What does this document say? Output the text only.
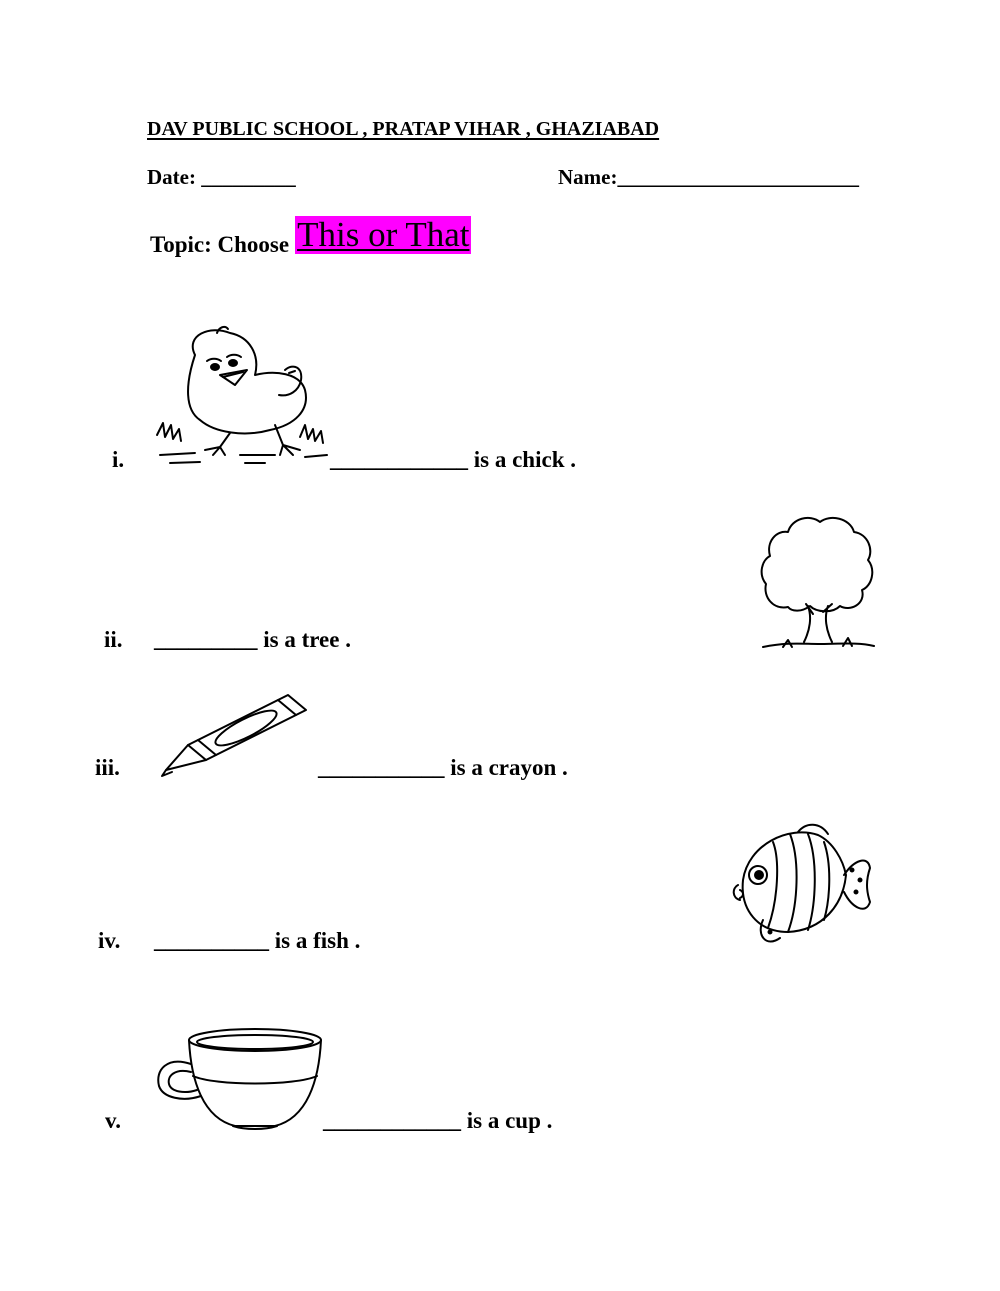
DAV PUBLIC SCHOOL , PRATAP VIHAR , GHAZIABAD
Date: _________	Name:_______________________
Topic: Choose This or That
i.	____________ is a chick .
ii. _________ is a tree .
iii.	___________ is a crayon .
iv. __________ is a fish .
v.	____________ is a cup .
